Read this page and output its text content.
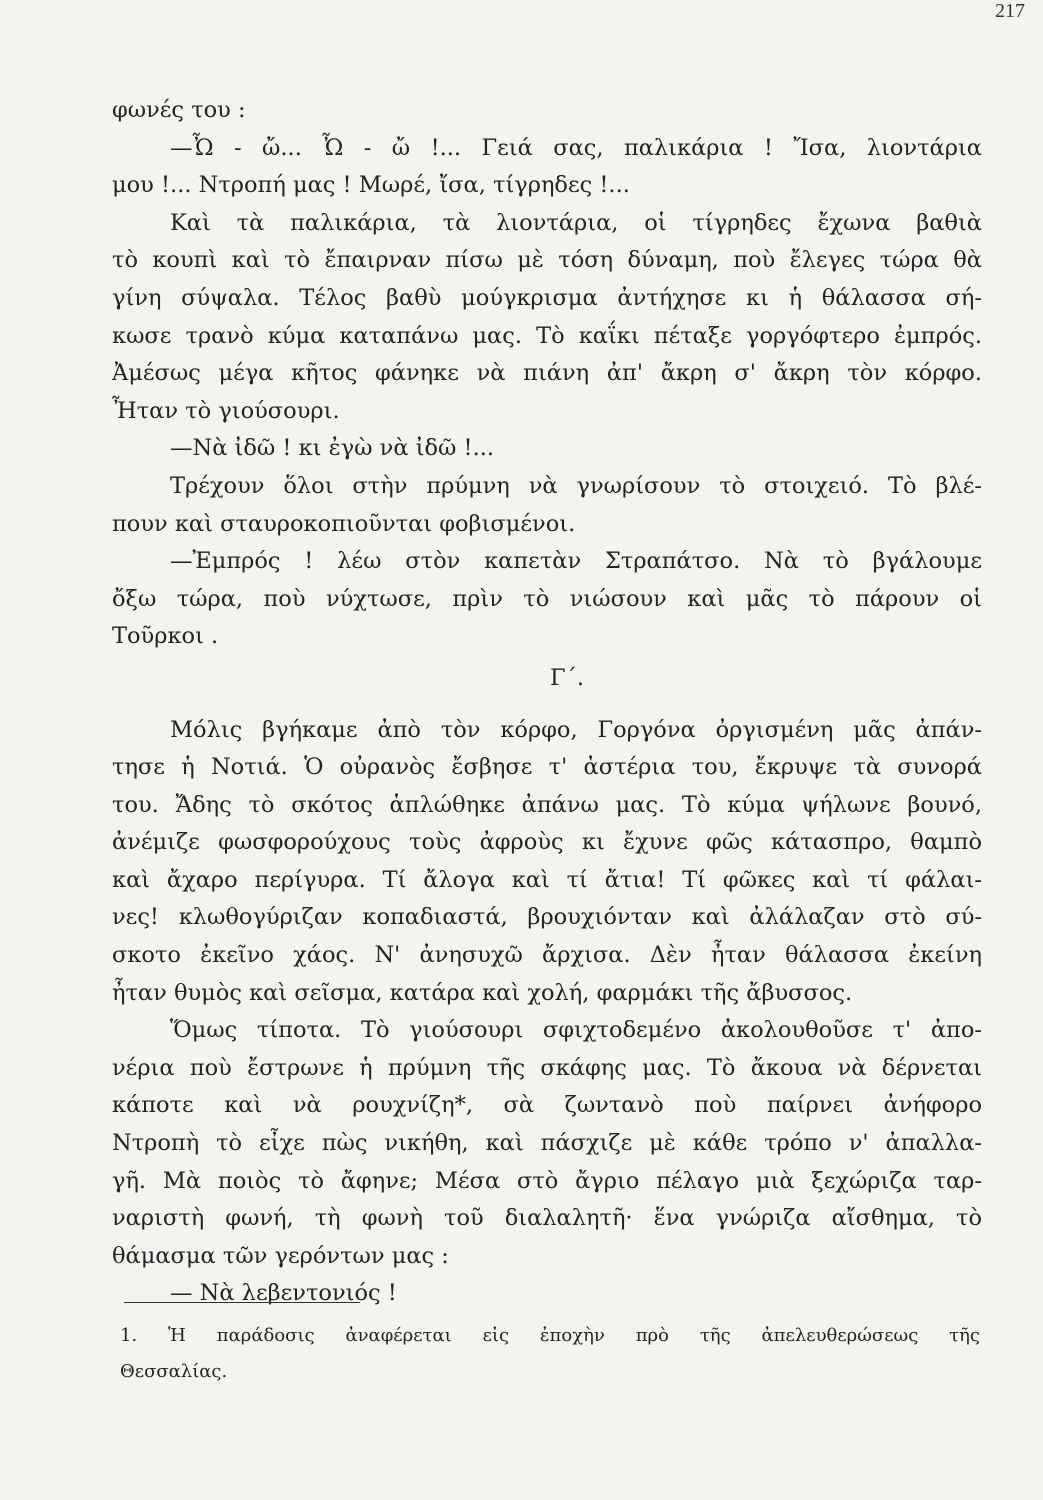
217
φωνές του :
—Ὦ - ὤ... Ὦ - ὤ !... Γειά σας, παλικάρια ! Ἴσα, λιοντάρια
μου !... Ντροπή μας ! Μωρέ, ἴσα, τίγρηδες !...
Καὶ τὰ παλικάρια, τὰ λιοντάρια, οἱ τίγρηδες ἔχωνα βαθιὰ
τὸ κουπὶ καὶ τὸ ἔπαιρναν πίσω μὲ τόση δύναμη, ποὺ ἔλεγες τώρα θὰ
γίνη σύψαλα. Τέλος βαθὺ μούγκρισμα ἀντήχησε κι ἡ θάλασσα σή-
κωσε τρανὸ κύμα καταπάνω μας. Τὸ καΐκι πέταξε γοργόφτερο ἐμπρός.
Ἀμέσως μέγα κῆτος φάνηκε νὰ πιάνη ἀπ' ἄκρη σ' ἄκρη τὸν κόρφο.
Ἦταν τὸ γιούσουρι.
—Νὰ ἰδῶ ! κι ἐγὼ νὰ ἰδῶ !...
Τρέχουν ὅλοι στὴν πρύμνη νὰ γνωρίσουν τὸ στοιχειό. Τὸ βλέ-
πουν καὶ σταυροκοπιοῦνται φοβισμένοι.
—Ἐμπρός ! λέω στὸν καπετὰν Στραπάτσο. Νὰ τὸ βγάλουμε
ὄξω τώρα, ποὺ νύχτωσε, πρὶν τὸ νιώσουν καὶ μᾶς τὸ πάρουν οἱ
Τοῦρκοι .
Γ΄.
Μόλις βγήκαμε ἀπὸ τὸν κόρφο, Γοργόνα ὀργισμένη μᾶς ἀπάν-
τησε ἡ Νοτιά. Ὁ οὐρανὸς ἔσβησε τ' ἀστέρια του, ἔκρυψε τὰ συνορά
του. Ἄδης τὸ σκότος ἁπλώθηκε ἀπάνω μας. Τὸ κύμα ψήλωνε βουνό,
ἀνέμιζε φωσφορούχους τοὺς ἀφροὺς κι ἔχυνε φῶς κάτασπρο, θαμπὸ
καὶ ἄχαρο περίγυρα. Τί ἄλογα καὶ τί ἄτια! Τί φῶκες καὶ τί φάλαι-
νες! κλωθογύριζαν κοπαδιαστά, βρουχιόνταν καὶ ἀλάλαζαν στὸ σύ-
σκοτο ἐκεῖνο χάος. Ν' ἀνησυχῶ ἄρχισα. Δὲν ἦταν θάλασσα ἐκείνη
ἦταν θυμὸς καὶ σεῖσμα, κατάρα καὶ χολή, φαρμάκι τῆς ἄβυσσος.
Ὅμως τίποτα. Τὸ γιούσουρι σφιχτοδεμένο ἀκολουθοῦσε τ' ἀπο-
νέρια ποὺ ἔστρωνε ἡ πρύμνη τῆς σκάφης μας. Τὸ ἄκουα νὰ δέρνεται
κάποτε καὶ νὰ ρουχνίζη*, σὰ ζωντανὸ ποὺ παίρνει ἀνήφορο
Ντροπὴ τὸ εἶχε πὼς νικήθη, καὶ πάσχιζε μὲ κάθε τρόπο ν' ἀπαλλα-
γῆ. Μὰ ποιὸς τὸ ἄφηνε; Μέσα στὸ ἄγριο πέλαγο μιὰ ξεχώριζα ταρ-
ναριστὴ φωνή, τὴ φωνὴ τοῦ διαλαλητῆ· ἕνα γνώριζα αἴσθημα, τὸ
θάμασμα τῶν γερόντων μας :
— Νὰ λεβεντονιός !
1. Ἡ παράδοσις ἀναφέρεται εἰς ἐποχὴν πρὸ τῆς ἀπελευθερώσεως τῆς
Θεσσαλίας.
